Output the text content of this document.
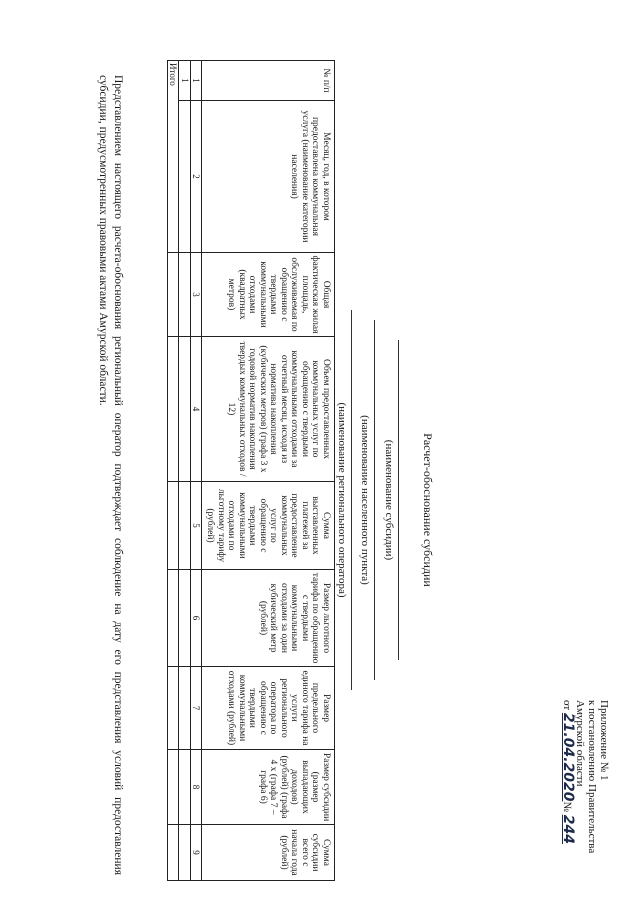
Приложение № 1
к постановлению Правительства
Амурской области
от 21.04.2020№ 244
Расчет-обоснование субсидии
(наименование субсидии)
(наименование населенного пункта)
(наименование регионального оператора)
№ п/п	Месяц, год, в котором предоставлена коммунальная услуга (наименование категории населения)	Общая фактическая жилая площадь, обслуживаемая по обращению с твердыми коммунальными отходами (квадратных метров)	Объем предоставленных коммунальных услуг по обращению с твердыми коммунальными отходами за отчетный месяц, исходя из норматива накопления (кубических метров) (графа 3 х годовой норматив накопления твердых коммунальных отходов / 12)	Сумма выставленных платежей за предоставление коммунальных услуг по обращению с твердыми коммунальными отходами по льготному тарифу (рублей)	Размер льготного тарифа по обращению с твердыми коммунальными отходами за один кубический метр (рублей)	Размер предельного единого тарифа на услуги регионального оператора по обращению с твердыми коммунальными отходами (рублей)	Размер субсидии (размер выпадающих доходов) (рублей) (графа 4 х (графа 7 – графа 6)	Сумма субсидии всего с начала года (рублей)
1	2	3	4	5	6	7	8	9
1								
Итого								
Представлением настоящего расчета-обоснования региональный оператор подтверждает соблюдение на дату его представления условий предоставления субсидии, предусмотренных правовыми актами Амурской области.
